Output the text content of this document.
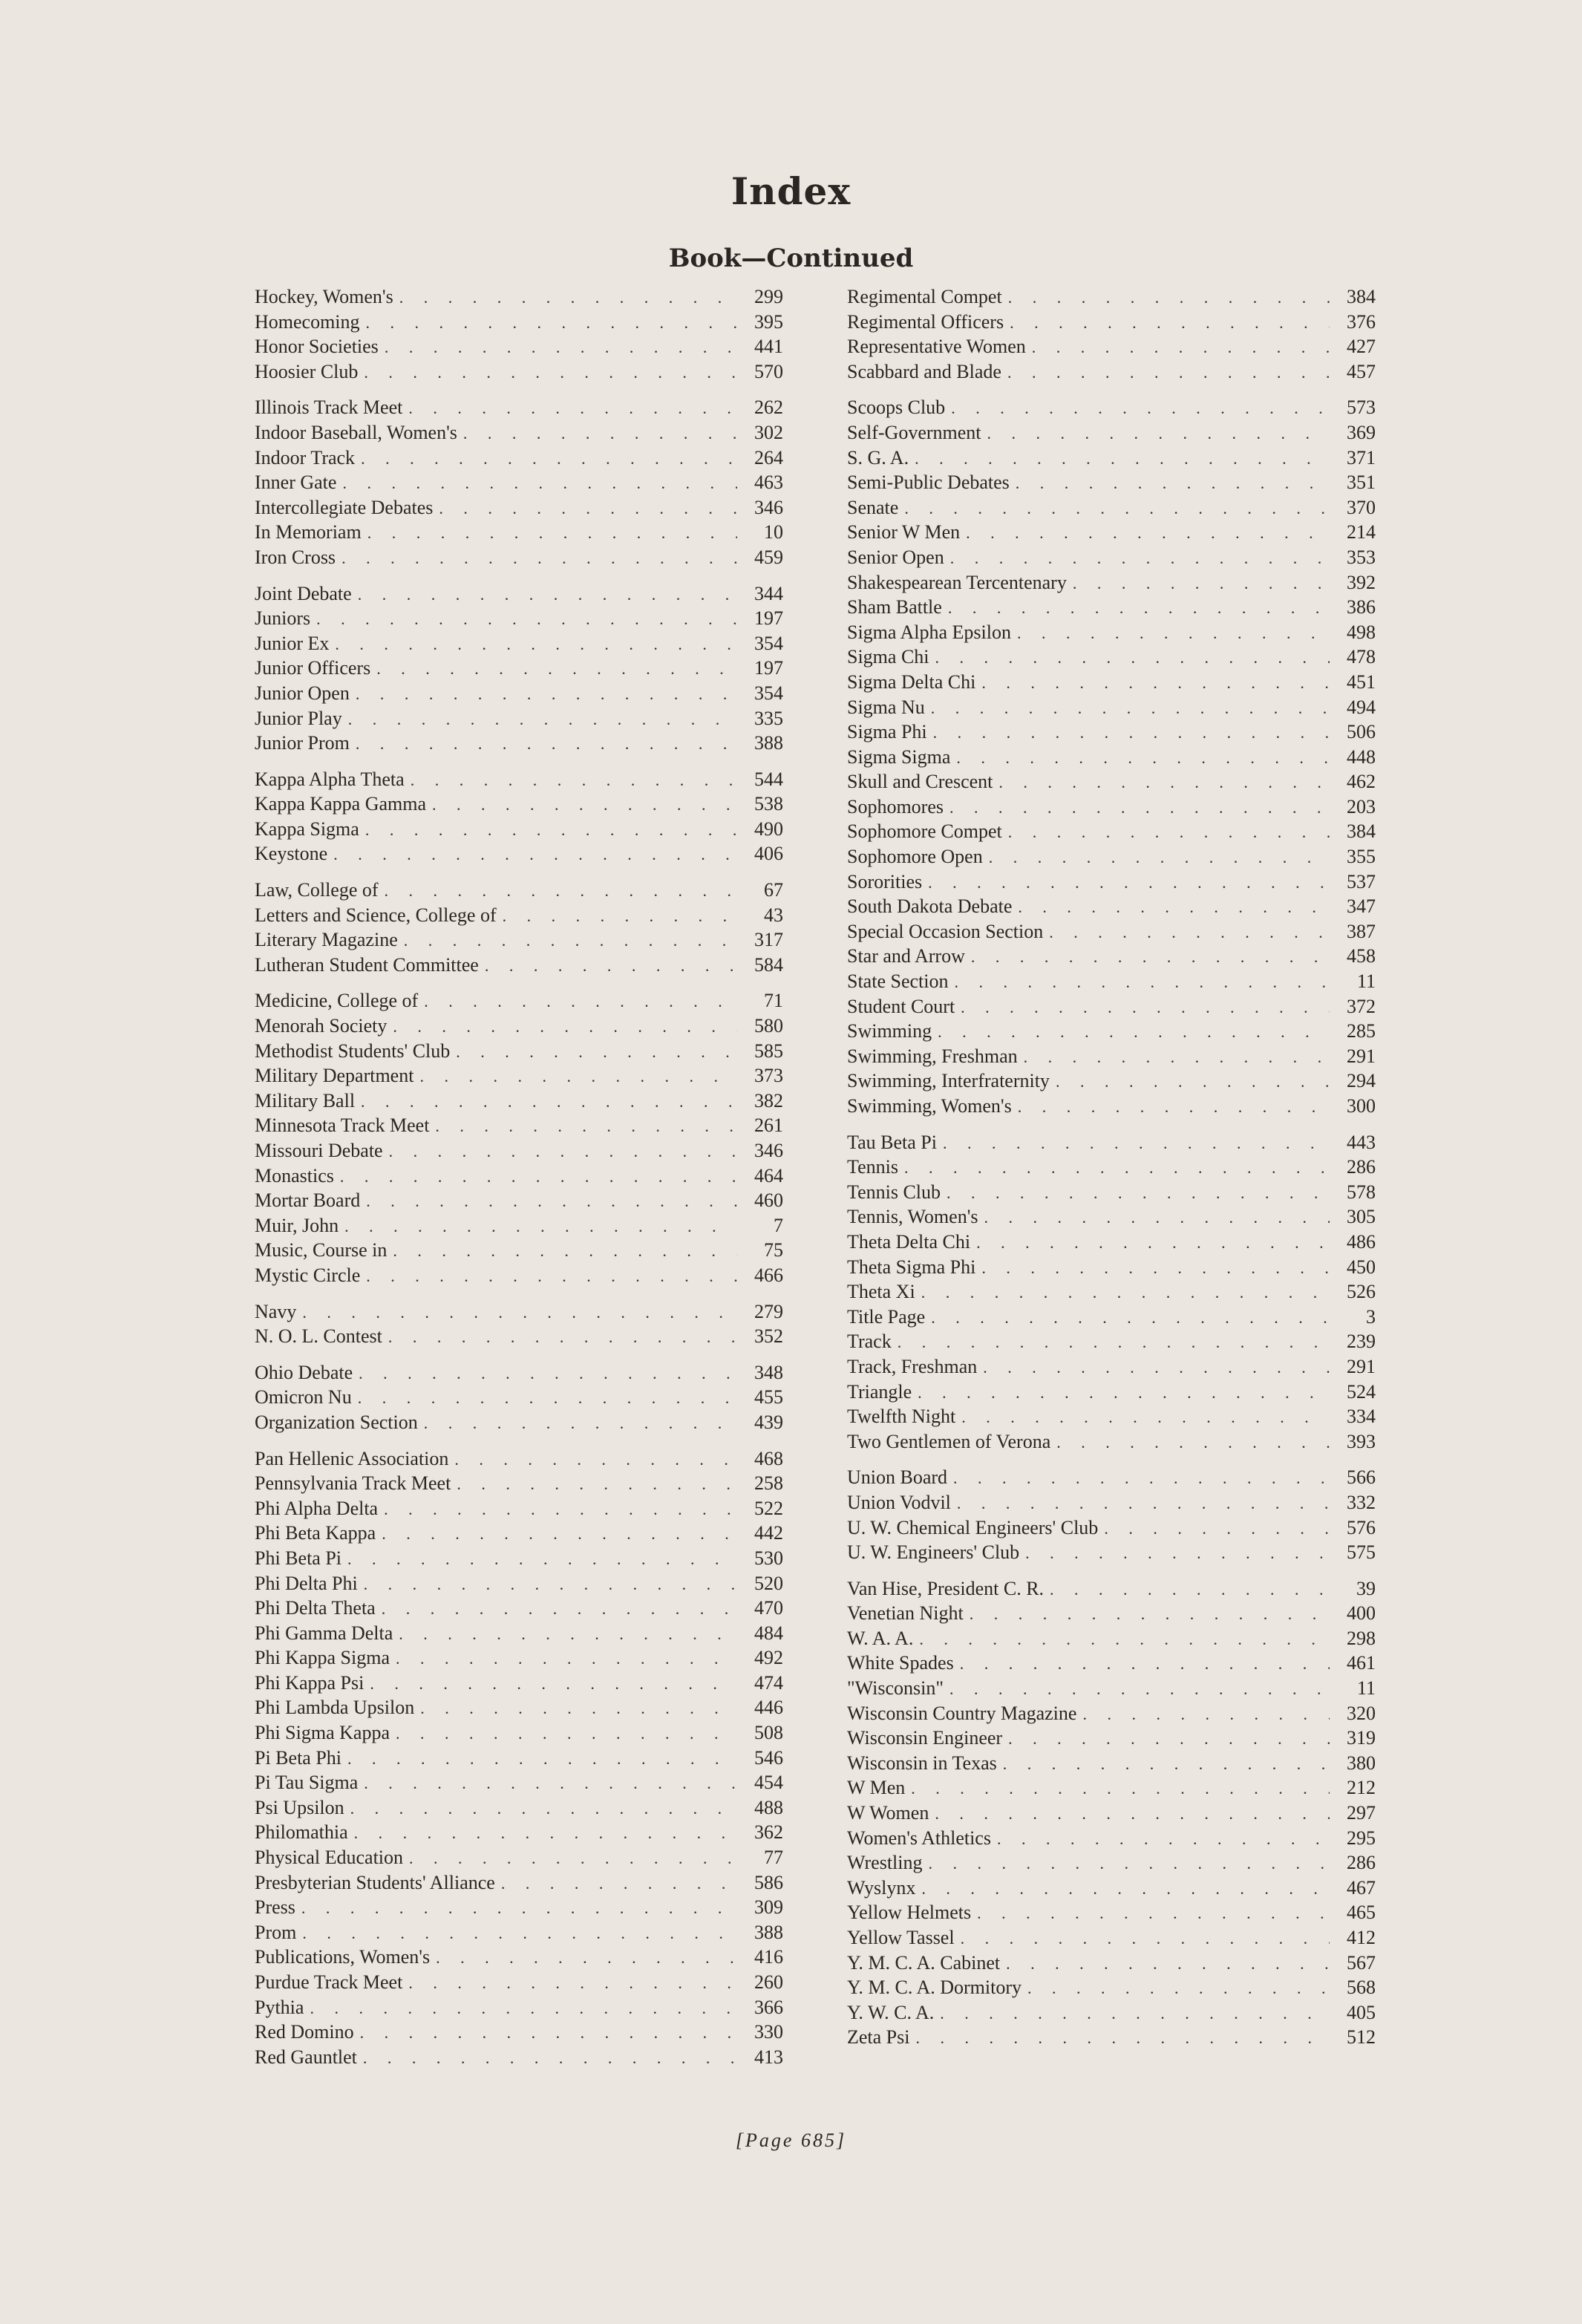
Index
Book—Continued
Hockey, Women's . . .	299
Homecoming . . .	395
Honor Societies . . .	441
Hoosier Club . . .	570
Illinois Track Meet . . .	262
Indoor Baseball, Women's . . .	302
Indoor Track . . .	264
Inner Gate . . .	463
Intercollegiate Debates . . .	346
In Memoriam . . .	10
Iron Cross . . .	459
Joint Debate . . .	344
Juniors . . .	197
Junior Ex . . .	354
Junior Officers . . .	197
Junior Open . . .	354
Junior Play . . .	335
Junior Prom . . .	388
Kappa Alpha Theta . . .	544
Kappa Kappa Gamma . . .	538
Kappa Sigma . . .	490
Keystone . . .	406
Law, College of . . .	67
Letters and Science, College of . . .	43
Literary Magazine . . .	317
Lutheran Student Committee . . .	584
Medicine, College of . . .	71
Menorah Society . . .	580
Methodist Students' Club . . .	585
Military Department . . .	373
Military Ball . . .	382
Minnesota Track Meet . . .	261
Missouri Debate . . .	346
Monastics . . .	464
Mortar Board . . .	460
Muir, John . . .	7
Music, Course in . . .	75
Mystic Circle . . .	466
Navy . . .	279
N. O. L. Contest . . .	352
Ohio Debate . . .	348
Omicron Nu . . .	455
Organization Section . . .	439
Pan Hellenic Association . . .	468
Pennsylvania Track Meet . . .	258
Phi Alpha Delta . . .	522
Phi Beta Kappa . . .	442
Phi Beta Pi . . .	530
Phi Delta Phi . . .	520
Phi Delta Theta . . .	470
Phi Gamma Delta . . .	484
Phi Kappa Sigma . . .	492
Phi Kappa Psi . . .	474
Phi Lambda Upsilon . . .	446
Phi Sigma Kappa . . .	508
Pi Beta Phi . . .	546
Pi Tau Sigma . . .	454
Psi Upsilon . . .	488
Philomathia . . .	362
Physical Education . . .	77
Presbyterian Students' Alliance . . .	586
Press . . .	309
Prom . . .	388
Publications, Women's . . .	416
Purdue Track Meet . . .	260
Pythia . . .	366
Red Domino . . .	330
Red Gauntlet . . .	413
Regimental Compet . . .	384
Regimental Officers . . .	376
Representative Women . . .	427
Scabbard and Blade . . .	457
Scoops Club . . .	573
Self-Government . . .	369
S. G. A. . . .	371
Semi-Public Debates . . .	351
Senate . . .	370
Senior W Men . . .	214
Senior Open . . .	353
Shakespearean Tercentenary . . .	392
Sham Battle . . .	386
Sigma Alpha Epsilon . . .	498
Sigma Chi . . .	478
Sigma Delta Chi . . .	451
Sigma Nu . . .	494
Sigma Phi . . .	506
Sigma Sigma . . .	448
Skull and Crescent . . .	462
Sophomores . . .	203
Sophomore Compet . . .	384
Sophomore Open . . .	355
Sororities . . .	537
South Dakota Debate . . .	347
Special Occasion Section . . .	387
Star and Arrow . . .	458
State Section . . .	11
Student Court . . .	372
Swimming . . .	285
Swimming, Freshman . . .	291
Swimming, Interfraternity . . .	294
Swimming, Women's . . .	300
Tau Beta Pi . . .	443
Tennis . . .	286
Tennis Club . . .	578
Tennis, Women's . . .	305
Theta Delta Chi . . .	486
Theta Sigma Phi . . .	450
Theta Xi . . .	526
Title Page . . .	3
Track . . .	239
Track, Freshman . . .	291
Triangle . . .	524
Twelfth Night . . .	334
Two Gentlemen of Verona . . .	393
Union Board . . .	566
Union Vodvil . . .	332
U. W. Chemical Engineers' Club . . .	576
U. W. Engineers' Club . . .	575
Van Hise, President C. R. . . .	39
Venetian Night . . .	400
W. A. A. . . .	298
White Spades . . .	461
"Wisconsin" . . .	11
Wisconsin Country Magazine . . .	320
Wisconsin Engineer . . .	319
Wisconsin in Texas . . .	380
W Men . . .	212
W Women . . .	297
Women's Athletics . . .	295
Wrestling . . .	286
Wyslynx . . .	467
Yellow Helmets . . .	465
Yellow Tassel . . .	412
Y. M. C. A. Cabinet . . .	567
Y. M. C. A. Dormitory . . .	568
Y. W. C. A. . . .	405
Zeta Psi . . .	512
[Page 685]
